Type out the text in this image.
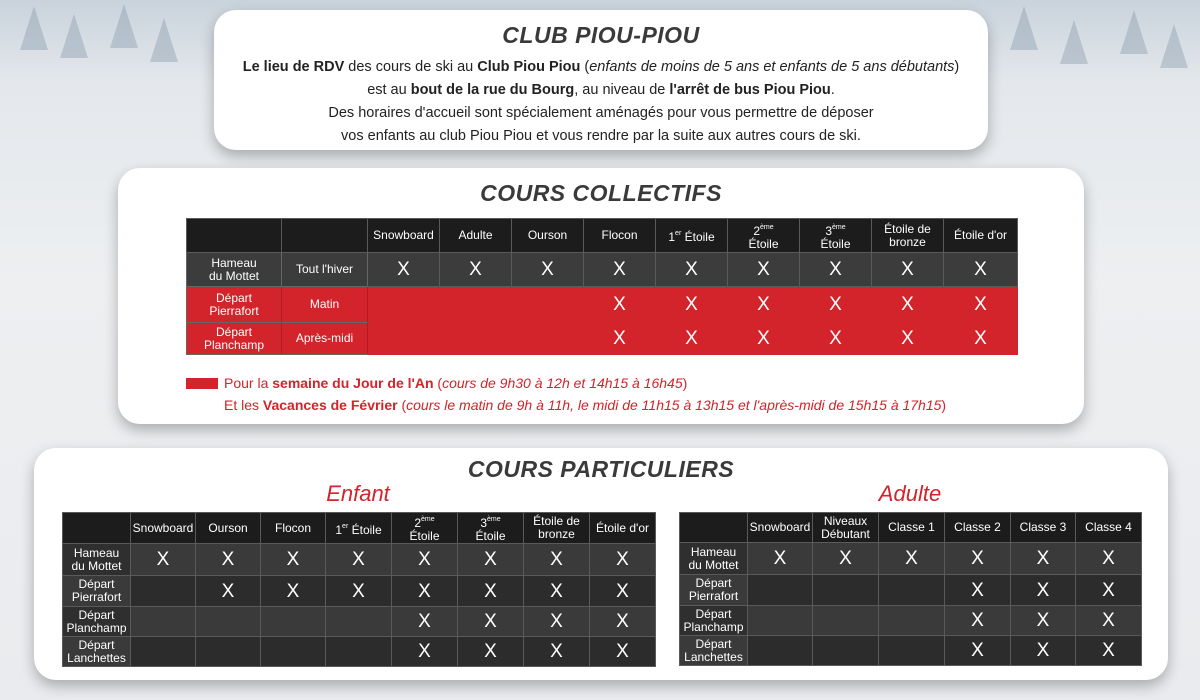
CLUB PIOU-PIOU
Le lieu de RDV des cours de ski au Club Piou Piou (enfants de moins de 5 ans et enfants de 5 ans débutants)
est au bout de la rue du Bourg, au niveau de l'arrêt de bus Piou Piou.
Des horaires d'accueil sont spécialement aménagés pour vous permettre de déposer
vos enfants au club Piou Piou et vous rendre par la suite aux autres cours de ski.
COURS COLLECTIFS
		Snowboard	Adulte	Ourson	Flocon	1er Étoile	2ème
Étoile	3ème
Étoile	Étoile de
bronze	Étoile d'or
Hameau
du Mottet	Tout l'hiver	X	X	X	X	X	X	X	X	X
Départ
Pierrafort	Matin				X	X	X	X	X	X
Départ
Planchamp	Après-midi				X	X	X	X	X	X
Pour la semaine du Jour de l'An (cours de 9h30 à 12h et 14h15 à 16h45)
Et les Vacances de Février (cours le matin de 9h à 11h, le midi de 11h15 à 13h15 et l'après-midi de 15h15 à 17h15)
COURS PARTICULIERS
Enfant	Adulte
	Snowboard	Ourson	Flocon	1er Étoile	2ème
Étoile	3ème
Étoile	Étoile de
bronze	Étoile d'or
Hameau
du Mottet	X	X	X	X	X	X	X	X
Départ
Pierrafort		X	X	X	X	X	X	X
Départ
Planchamp					X	X	X	X
Départ
Lanchettes					X	X	X	X
	Snowboard	Niveaux
Débutant	Classe 1	Classe 2	Classe 3	Classe 4
Hameau
du Mottet	X	X	X	X	X	X
Départ
Pierrafort				X	X	X
Départ
Planchamp				X	X	X
Départ
Lanchettes				X	X	X
